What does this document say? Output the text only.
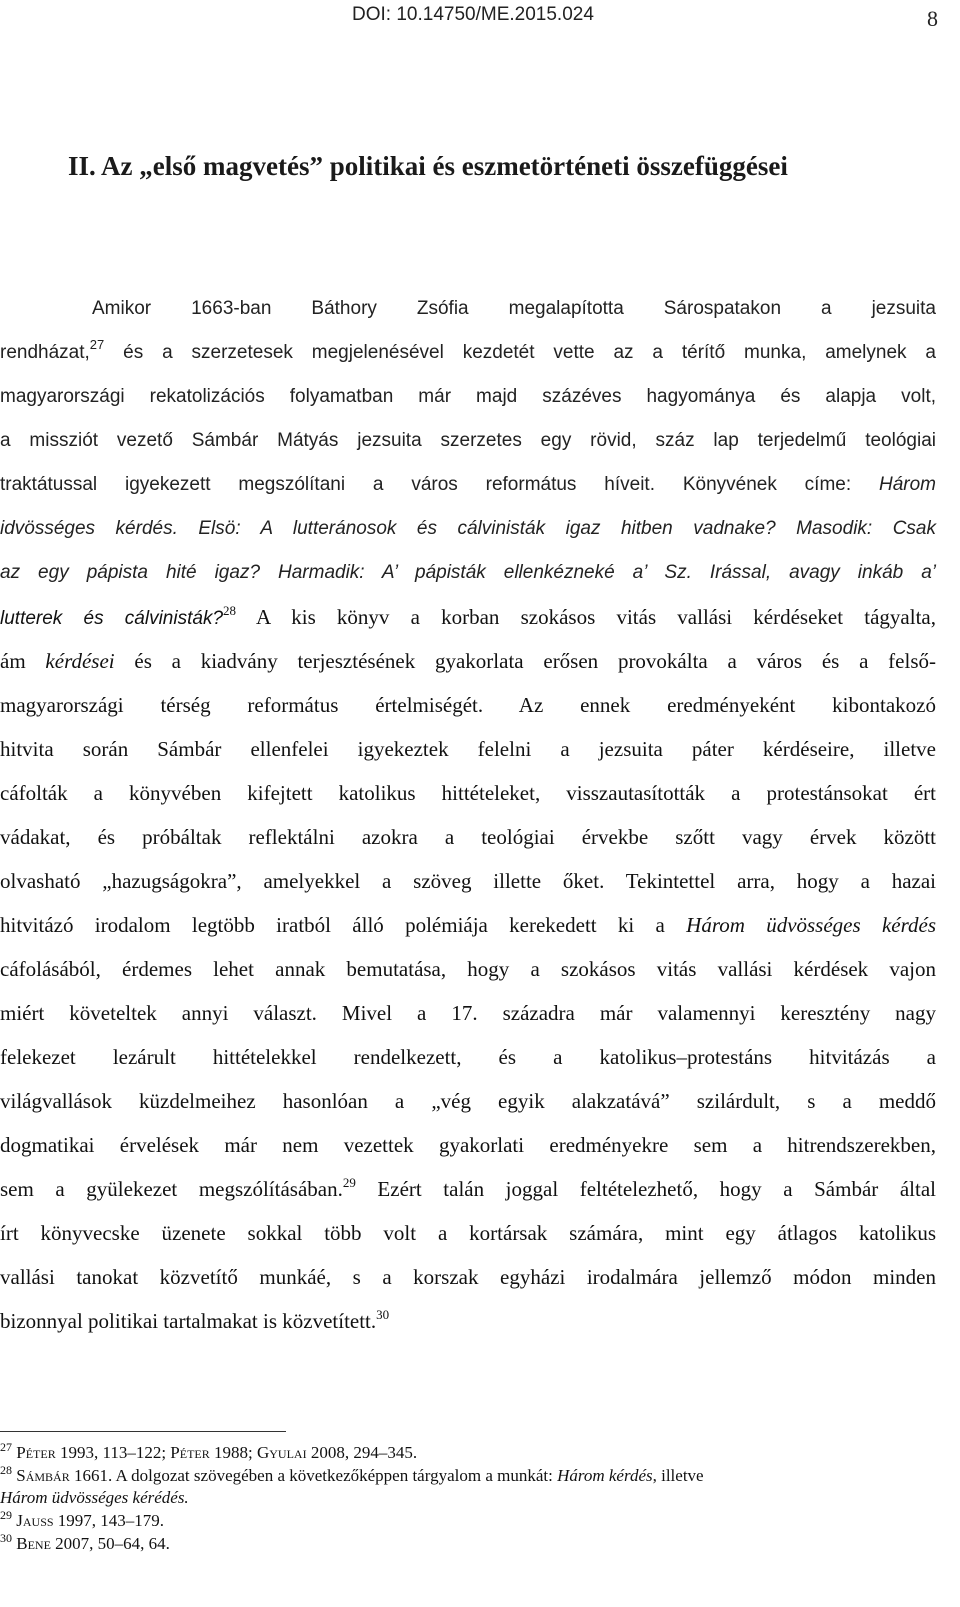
DOI: 10.14750/ME.2015.024	8
II. Az „első magvetés” politikai és eszmetörténeti összefüggései
Amikor 1663-ban Báthory Zsófia megalapította Sárospatakon a jezsuita
rendházat,$^{27}$ és a szerzetesek megjelenésével kezdetét vette az a térítő munka, amelynek a
magyarországi rekatolizációs folyamatban már majd százéves hagyománya és alapja volt,
a missziót vezető Sámbár Mátyás jezsuita szerzetes egy rövid, száz lap terjedelmű teológiai
traktátussal igyekezett megszólítani a város református híveit. Könyvének címe: Három
idvösséges kérdés. Elsö: A lutteránosok és cálvinisták igaz hitben vadnake? Masodik: Csak
az egy pápista hité igaz? Harmadik: A’ pápisták ellenkézneké a’ Sz. Irással, avagy inkáb a’
lutterek és cálvinisták?$^{28}$ A kis könyv a korban szokásos vitás vallási kérdéseket tágyalta,
ám kérdései és a kiadvány terjesztésének gyakorlata erősen provokálta a város és a felső-
magyarországi térség református értelmiségét. Az ennek eredményeként kibontakozó
hitvita során Sámbár ellenfelei igyekeztek felelni a jezsuita páter kérdéseire, illetve
cáfolták a könyvében kifejtett katolikus hittételeket, visszautasították a protestánsokat ért
vádakat, és próbáltak reflektálni azokra a teológiai érvekbe szőtt vagy érvek között
olvasható „hazugságokra”, amelyekkel a szöveg illette őket. Tekintettel arra, hogy a hazai
hitvitázó irodalom legtöbb iratból álló polémiája kerekedett ki a Három üdvösséges kérdés
cáfolásából, érdemes lehet annak bemutatása, hogy a szokásos vitás vallási kérdések vajon
miért követeltek annyi választ. Mivel a 17. századra már valamennyi keresztény nagy
felekezet lezárult hittételekkel rendelkezett, és a katolikus–protestáns hitvitázás a
világvallások küzdelmeihez hasonlóan a „vég egyik alakzatává” szilárdult, s a meddő
dogmatikai érvelések már nem vezettek gyakorlati eredményekre sem a hitrendszerekben,
sem a gyülekezet megszólításában.$^{29}$ Ezért talán joggal feltételezhető, hogy a Sámbár által
írt könyvecske üzenete sokkal több volt a kortársak számára, mint egy átlagos katolikus
vallási tanokat közvetítő munkáé, s a korszak egyházi irodalmára jellemző módon minden
bizonnyal politikai tartalmakat is közvetített.$^{30}$
$^{27}$ Péter 1993, 113–122; Péter 1988; Gyulai 2008, 294–345.
$^{28}$ Sámbár 1661. A dolgozat szövegében a következőképpen tárgyalom a munkát: Három kérdés, illetve
Három üdvösséges kérédés.
$^{29}$ Jauss 1997, 143–179.
$^{30}$ Bene 2007, 50–64, 64.
